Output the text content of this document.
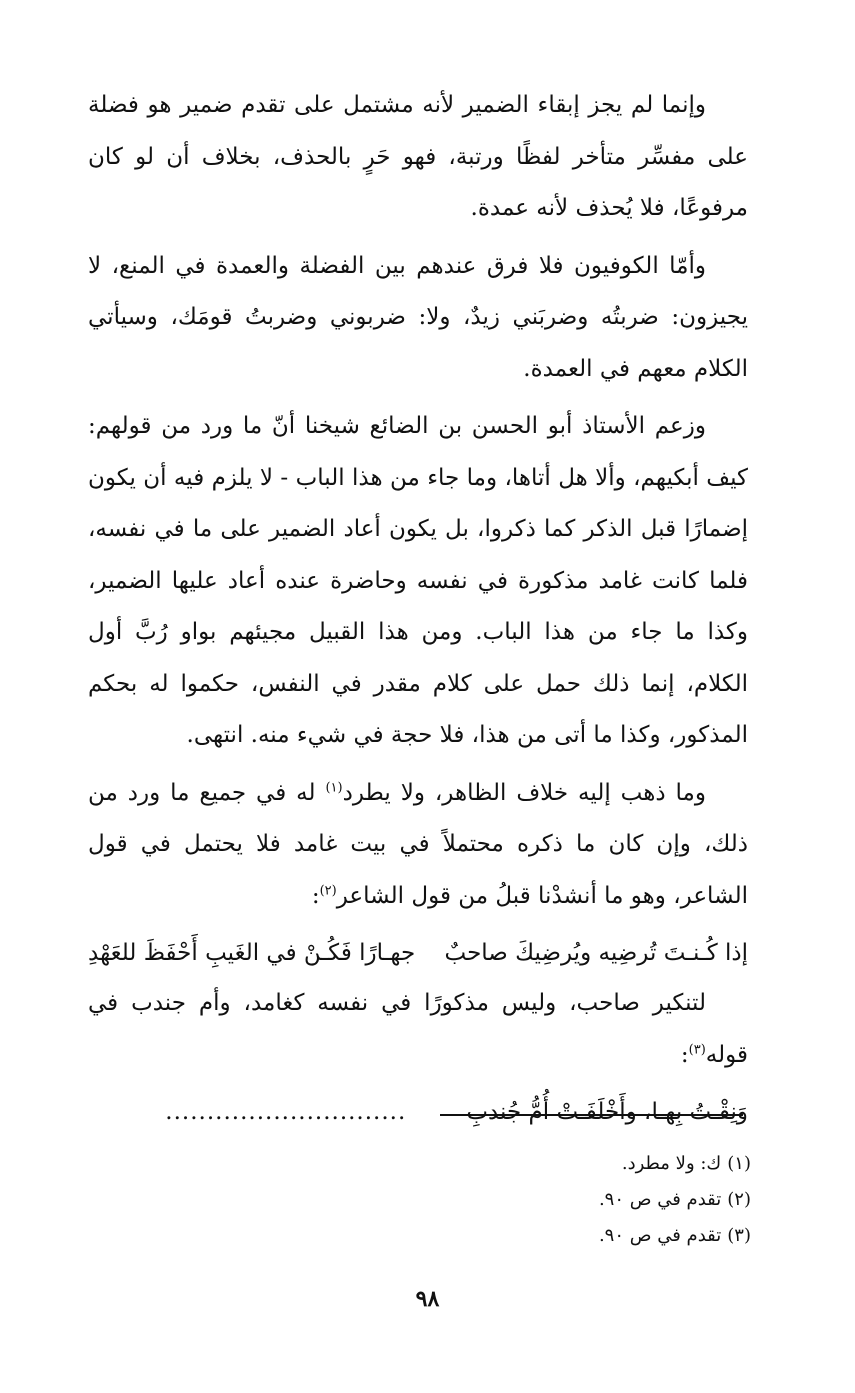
وإنما لم يجز إبقاء الضمير لأنه مشتمل على تقدم ضمير هو فضلة على مفسِّر متأخر لفظًا ورتبة، فهو حَرٍ بالحذف، بخلاف أن لو كان مرفوعًا، فلا يُحذف لأنه عمدة.

وأمّا الكوفيون فلا فرق عندهم بين الفضلة والعمدة في المنع، لا يجيزون: ضربتُه وضربَني زيدٌ، ولا: ضربوني وضربتُ قومَك، وسيأتي الكلام معهم في العمدة.

وزعم الأستاذ أبو الحسن بن الضائع شيخنا أنّ ما ورد من قولهم: كيف أبكيهم، وألا هل أتاها، وما جاء من هذا الباب - لا يلزم فيه أن يكون إضمارًا قبل الذكر كما ذكروا، بل يكون أعاد الضمير على ما في نفسه، فلما كانت غامد مذكورة في نفسه وحاضرة عنده أعاد عليها الضمير، وكذا ما جاء من هذا الباب. ومن هذا القبيل مجيئهم بواو رُبَّ أول الكلام، إنما ذلك حمل على كلام مقدر في النفس، حكموا له بحكم المذكور، وكذا ما أتى من هذا، فلا حجة في شيء منه. انتهى.

وما ذهب إليه خلاف الظاهر، ولا يطرد$^{(١)}$ له في جميع ما ورد من ذلك، وإن كان ما ذكره محتملاً في بيت غامد فلا يحتمل في قول الشاعر، وهو ما أنشدْنا قبلُ من قول الشاعر$^{(٢)}$:

إذا كُـنـتَ تُرضِيه ويُرضِيكَ صاحبٌ
جهـارًا فَكُـنْ في الغَيبِ أَحْفَظَ للعَهْدِ

لتنكير صاحب، وليس مذكورًا في نفسه كغامد، وأم جندب في قوله$^{(٣)}$:

وَنِقْـتُ بِهـا، وأَخْلَفَـتْ أُمُّ جُندبِ
.............................
(١)ك: ولا مطرد.
(٢)تقدم في ص ٩٠.
(٣)تقدم في ص ٩٠.
٩٨
